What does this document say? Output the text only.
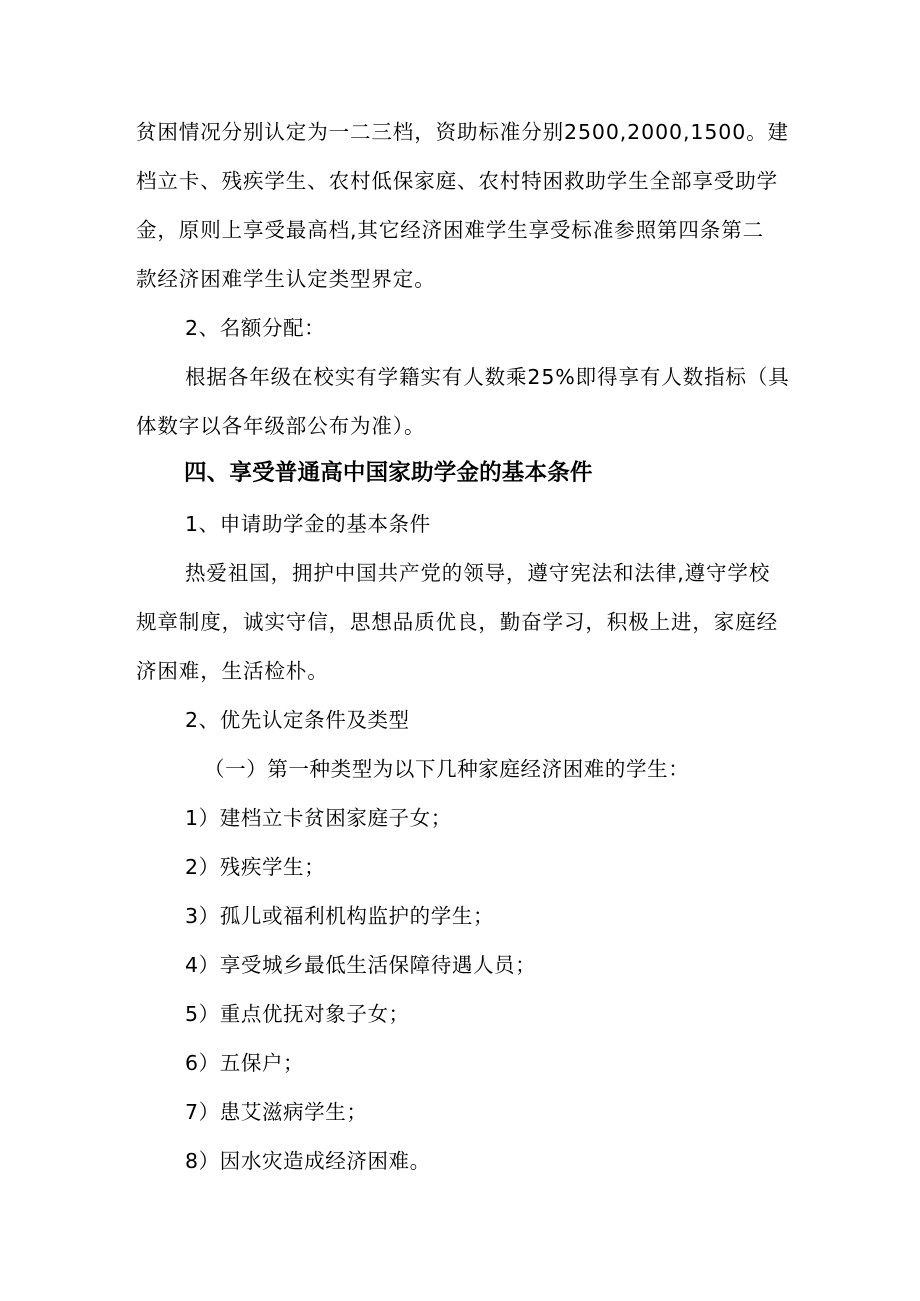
贫困情况分别认定为一二三档，资助标准分别2500,2000,1500。建
档立卡、残疾学生、农村低保家庭、农村特困救助学生全部享受助学
金，原则上享受最高档,其它经济困难学生享受标准参照第四条第二
款经济困难学生认定类型界定。
2、名额分配：
根据各年级在校实有学籍实有人数乘25%即得享有人数指标（具
体数字以各年级部公布为准）。
四、享受普通高中国家助学金的基本条件
1、申请助学金的基本条件
热爱祖国，拥护中国共产党的领导，遵守宪法和法律,遵守学校
规章制度，诚实守信，思想品质优良，勤奋学习，积极上进，家庭经
济困难，生活检朴。
2、优先认定条件及类型
（一）第一种类型为以下几种家庭经济困难的学生：
1）建档立卡贫困家庭子女；
2）残疾学生；
3）孤儿或福利机构监护的学生；
4）享受城乡最低生活保障待遇人员；
5）重点优抚对象子女；
6）五保户；
7）患艾滋病学生；
8）因水灾造成经济困难。
